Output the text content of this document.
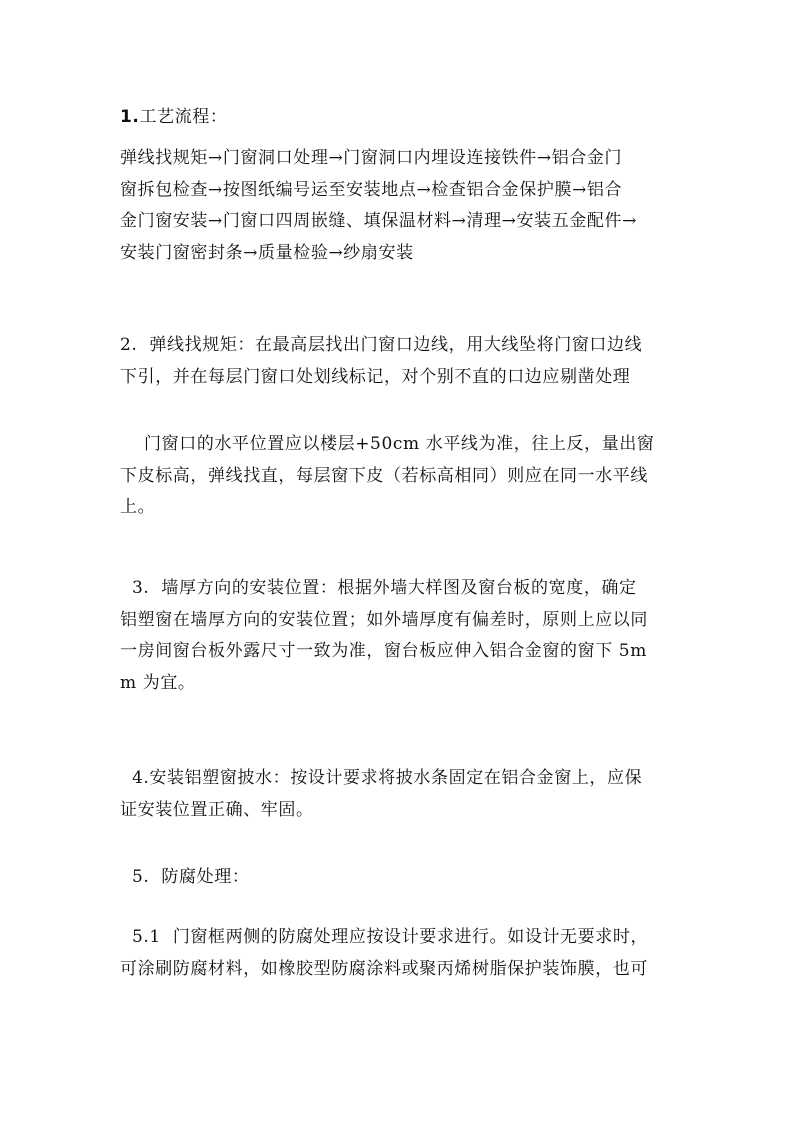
1.工艺流程：
弹线找规矩→门窗洞口处理→门窗洞口内埋设连接铁件→铝合金门
窗拆包检查→按图纸编号运至安装地点→检查铝合金保护膜→铝合
金门窗安装→门窗口四周嵌缝、填保温材料→清理→安装五金配件→
安装门窗密封条→质量检验→纱扇安装
2.  弹线找规矩：在最高层找出门窗口边线，用大线坠将门窗口边线
下引，并在每层门窗口处划线标记，对个别不直的口边应剔凿处理
门窗口的水平位置应以楼层+50cm 水平线为准，往上反，量出窗
下皮标高，弹线找直，每层窗下皮（若标高相同）则应在同一水平线
上。
3.  墙厚方向的安装位置：根据外墙大样图及窗台板的宽度，确定
铝塑窗在墙厚方向的安装位置；如外墙厚度有偏差时，原则上应以同
一房间窗台板外露尺寸一致为准，窗台板应伸入铝合金窗的窗下 5m
m 为宜。
4.安装铝塑窗披水：按设计要求将披水条固定在铝合金窗上，应保
证安装位置正确、牢固。
5.  防腐处理：
5.1  门窗框两侧的防腐处理应按设计要求进行。如设计无要求时，
可涂刷防腐材料，如橡胶型防腐涂料或聚丙烯树脂保护装饰膜，也可
